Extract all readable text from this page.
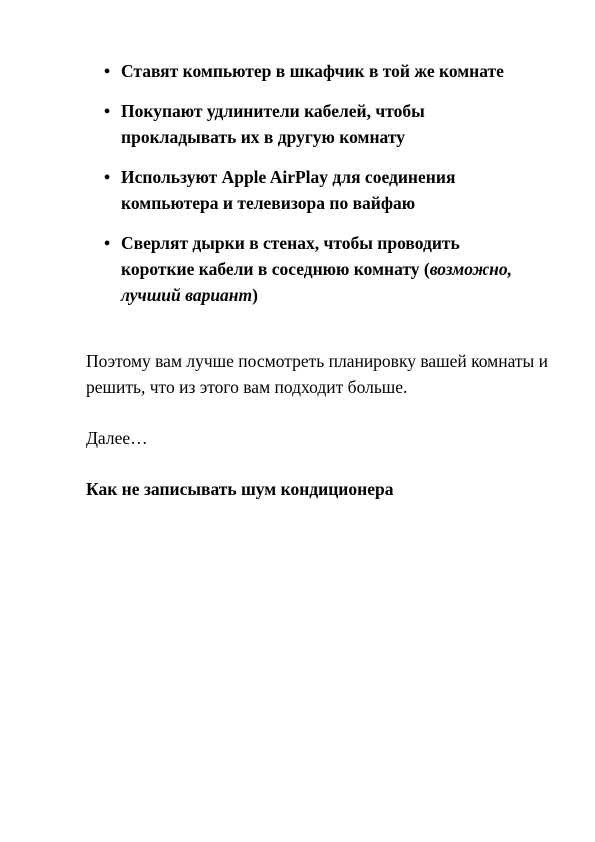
• Ставят компьютер в шкафчик в той же комнате
• Покупают удлинители кабелей, чтобы прокладывать их в другую комнату
• Используют Apple AirPlay для соединения компьютера и телевизора по вайфаю
• Сверлят дырки в стенах, чтобы проводить короткие кабели в соседнюю комнату (возможно, лучший вариант)

Поэтому вам лучше посмотреть планировку вашей комнаты и решить, что из этого вам подходит больше.

Далее…

Как не записывать шум кондиционера
